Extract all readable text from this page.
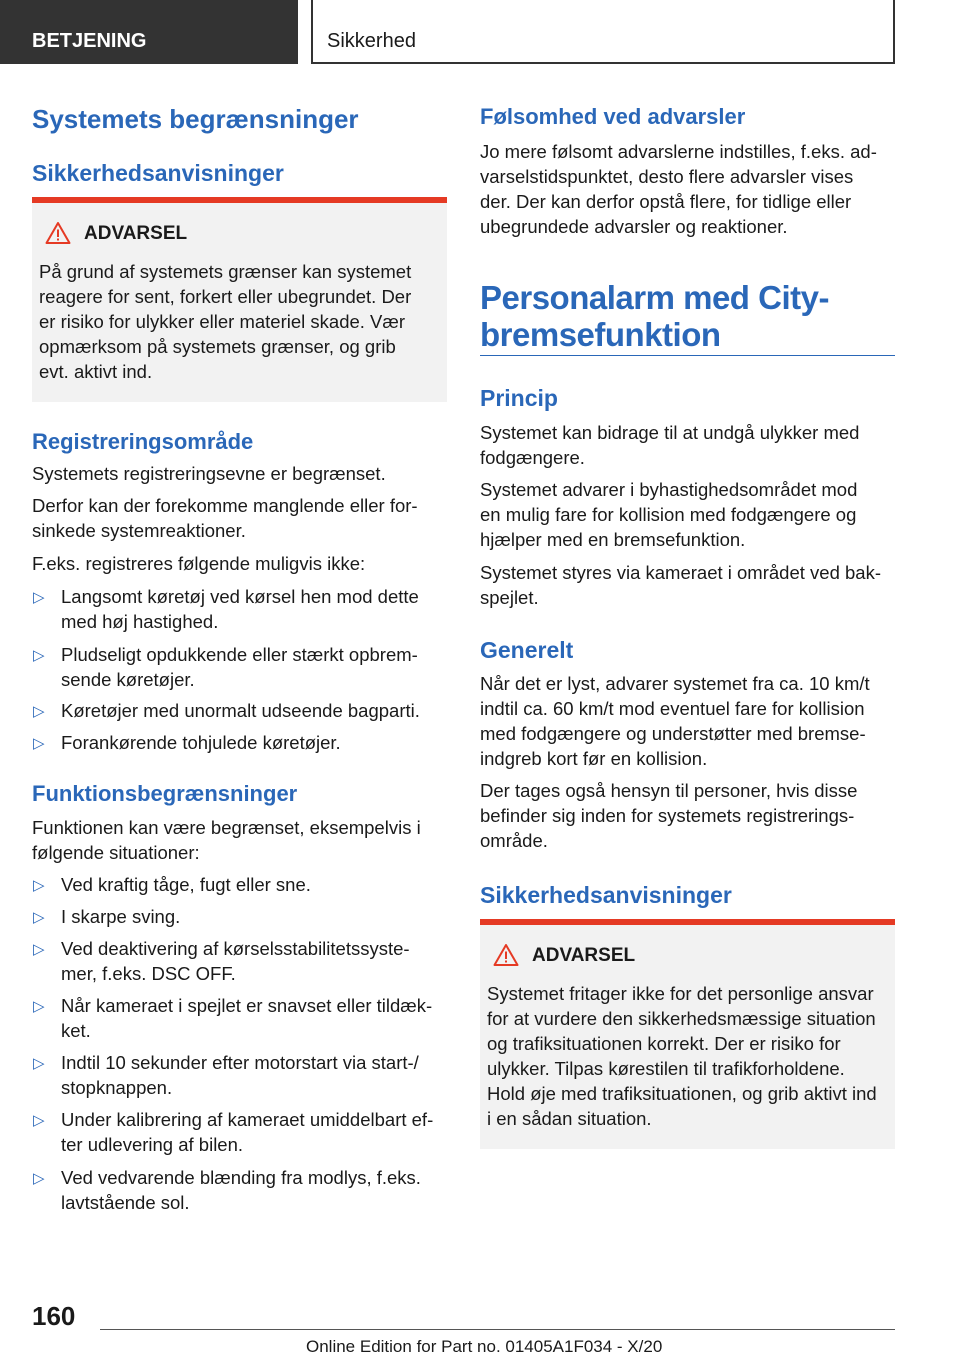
BETJENING	Sikkerhed
Systemets begrænsninger
Sikkerhedsanvisninger
ADVARSEL

På grund af systemets grænser kan systemet
reagere for sent, forkert eller ubegrundet. Der
er risiko for ulykker eller materiel skade. Vær
opmærksom på systemets grænser, og grib
evt. aktivt ind.

Registreringsområde

Systemets registreringsevne er begrænset.

Derfor kan der forekomme manglende eller for-
sinkede systemreaktioner.

F.eks. registreres følgende muligvis ikke:

▷ Langsomt køretøj ved kørsel hen mod dette
med høj hastighed.
▷ Pludseligt opdukkende eller stærkt opbrem-
sende køretøjer.
▷ Køretøjer med unormalt udseende bagparti.
▷ Forankørende tohjulede køretøjer.
Funktionsbegrænsninger

Funktionen kan være begrænset, eksempelvis i
følgende situationer:

▷ Ved kraftig tåge, fugt eller sne.
▷ I skarpe sving.
▷ Ved deaktivering af kørselsstabilitetssyste-
mer, f.eks. DSC OFF.
▷ Når kameraet i spejlet er snavset eller tildæk-
ket.
▷ Indtil 10 sekunder efter motorstart via start-/
stopknappen.
▷ Under kalibrering af kameraet umiddelbart ef-
ter udlevering af bilen.
▷ Ved vedvarende blænding fra modlys, f.eks.
lavtstående sol.
Følsomhed ved advarsler

Jo mere følsomt advarslerne indstilles, f.eks. ad-
varselstidspunktet, desto flere advarsler vises
der. Der kan derfor opstå flere, for tidlige eller
ubegrundede advarsler og reaktioner.

Personalarm med City-
bremsefunktion
Princip

Systemet kan bidrage til at undgå ulykker med
fodgængere.

Systemet advarer i byhastighedsområdet mod
en mulig fare for kollision med fodgængere og
hjælper med en bremsefunktion.

Systemet styres via kameraet i området ved bak-
spejlet.

Generelt

Når det er lyst, advarer systemet fra ca. 10 km/t
indtil ca. 60 km/t mod eventuel fare for kollision
med fodgængere og understøtter med bremse-
indgreb kort før en kollision.

Der tages også hensyn til personer, hvis disse
befinder sig inden for systemets registrerings-
område.

Sikkerhedsanvisninger
ADVARSEL

Systemet fritager ikke for det personlige ansvar
for at vurdere den sikkerhedsmæssige situation
og trafiksituationen korrekt. Der er risiko for
ulykker. Tilpas kørestilen til trafikforholdene.
Hold øje med trafiksituationen, og grib aktivt ind
i en sådan situation.

160
Online Edition for Part no. 01405A1F034 - X/20
